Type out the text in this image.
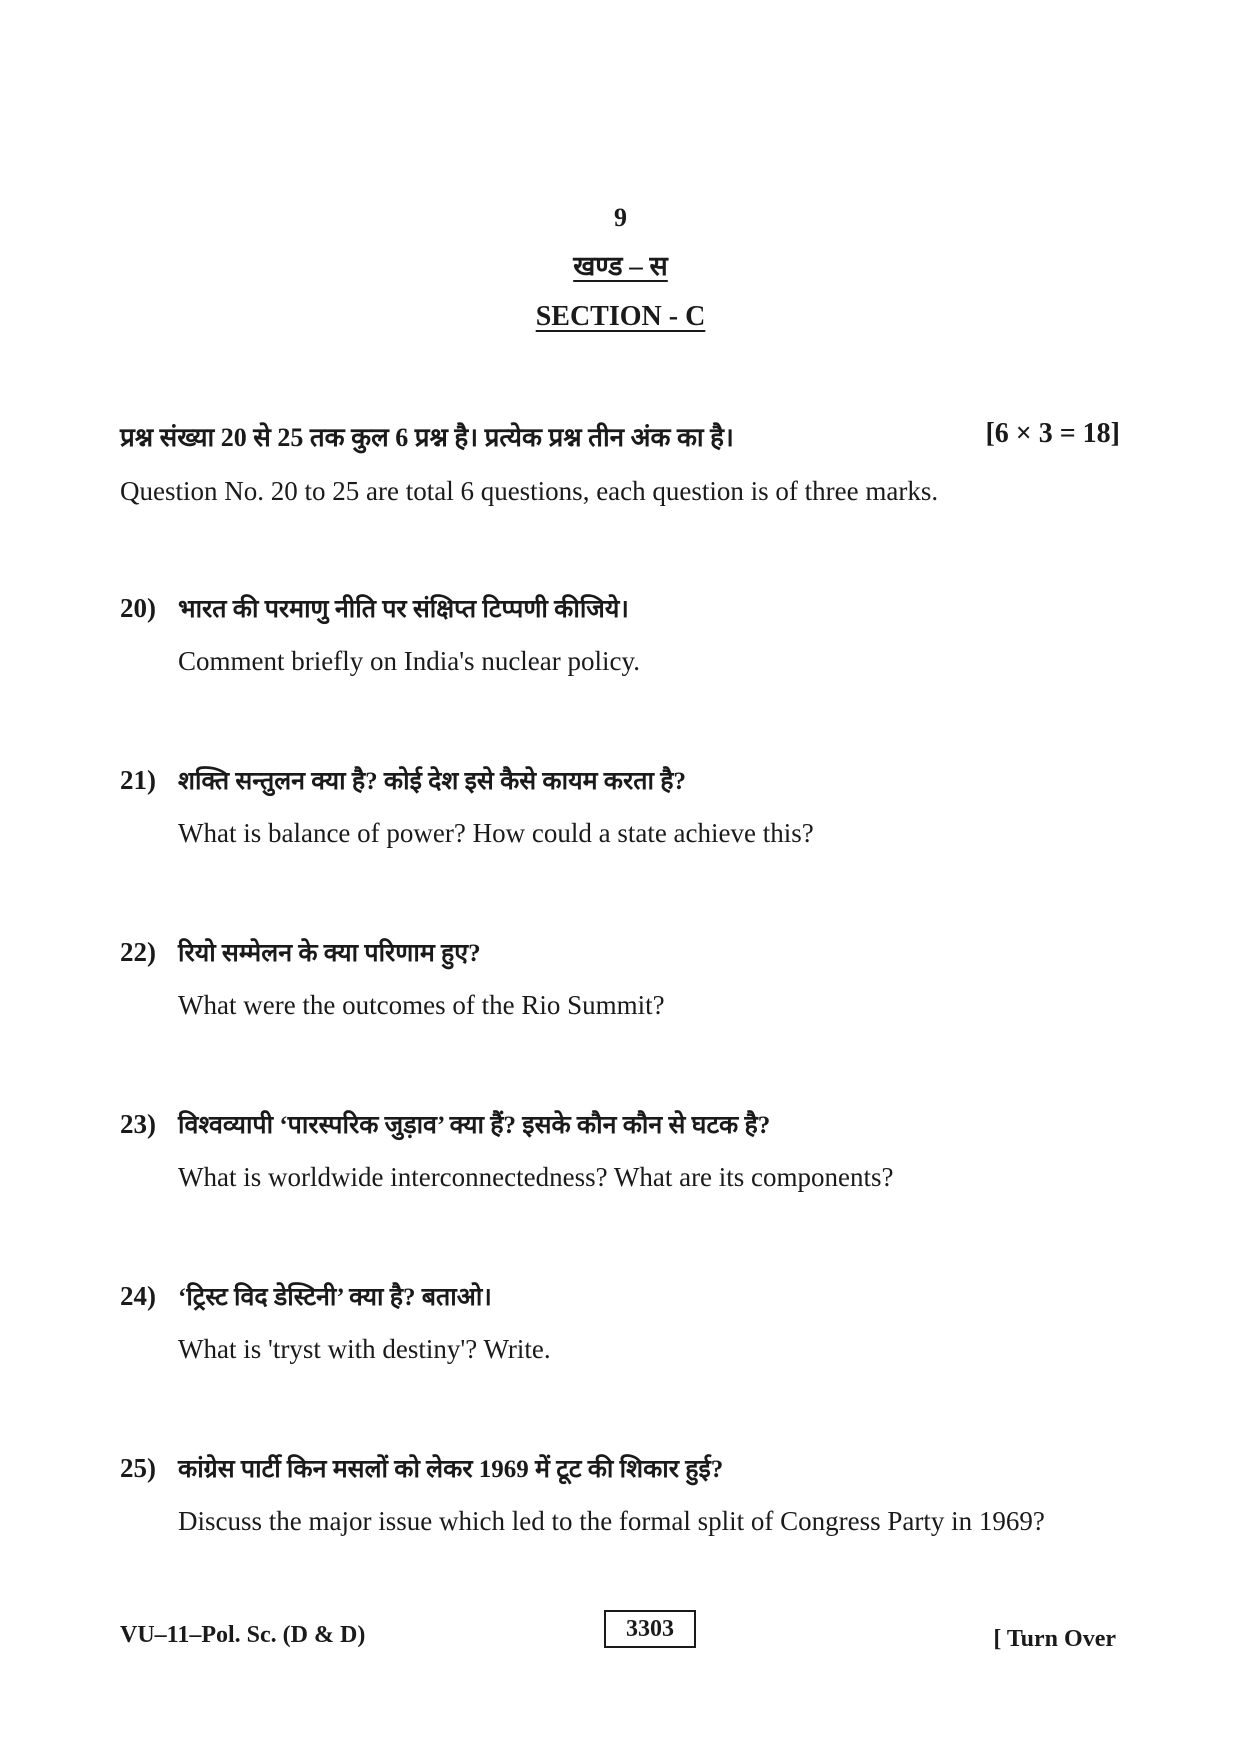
9
खण्ड – स
SECTION - C
प्रश्न संख्या 20 से 25 तक कुल 6 प्रश्न है। प्रत्येक प्रश्न तीन अंक का है।	[6 × 3 = 18]
Question No. 20 to 25 are total 6 questions, each question is of three marks.
20) भारत की परमाणु नीति पर संक्षिप्त टिप्पणी कीजिये।
Comment briefly on India's nuclear policy.
21) शक्ति सन्तुलन क्या है? कोई देश इसे कैसे कायम करता है?
What is balance of power? How could a state achieve this?
22) रियो सम्मेलन के क्या परिणाम हुए?
What were the outcomes of the Rio Summit?
23) विश्वव्यापी ‘पारस्परिक जुड़ाव’ क्या हैं? इसके कौन कौन से घटक है?
What is worldwide interconnectedness? What are its components?
24) ‘ट्रिस्ट विद डेस्टिनी’ क्या है? बताओ।
What is 'tryst with destiny'? Write.
25) कांग्रेस पार्टी किन मसलों को लेकर 1969 में टूट की शिकार हुई?
Discuss the major issue which led to the formal split of Congress Party in 1969?
VU–11–Pol. Sc. (D & D)	3303	[ Turn Over
